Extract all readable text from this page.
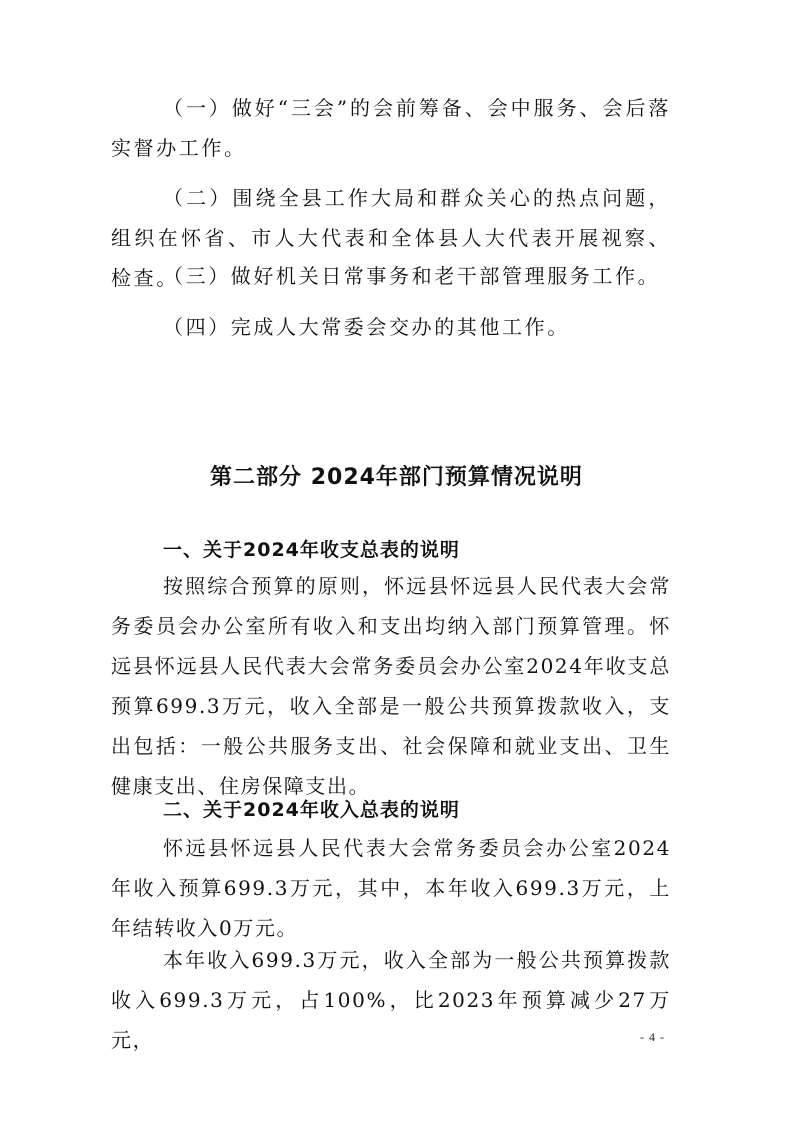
（一）做好“三会”的会前筹备、会中服务、会后落实督办工作。

（二）围绕全县工作大局和群众关心的热点问题，组织在怀省、市人大代表和全体县人大代表开展视察、检查。

（三）做好机关日常事务和老干部管理服务工作。

（四）完成人大常委会交办的其他工作。

第二部分 2024年部门预算情况说明
一、关于2024年收支总表的说明

按照综合预算的原则，怀远县怀远县人民代表大会常务委员会办公室所有收入和支出均纳入部门预算管理。怀远县怀远县人民代表大会常务委员会办公室2024年收支总预算699.3万元，收入全部是一般公共预算拨款收入，支出包括：一般公共服务支出、社会保障和就业支出、卫生健康支出、住房保障支出。

二、关于2024年收入总表的说明

怀远县怀远县人民代表大会常务委员会办公室2024年收入预算699.3万元，其中，本年收入699.3万元，上年结转收入0万元。

本年收入699.3万元，收入全部为一般公共预算拨款收入699.3万元，占100%，比2023年预算减少27万元，	- 4 -
